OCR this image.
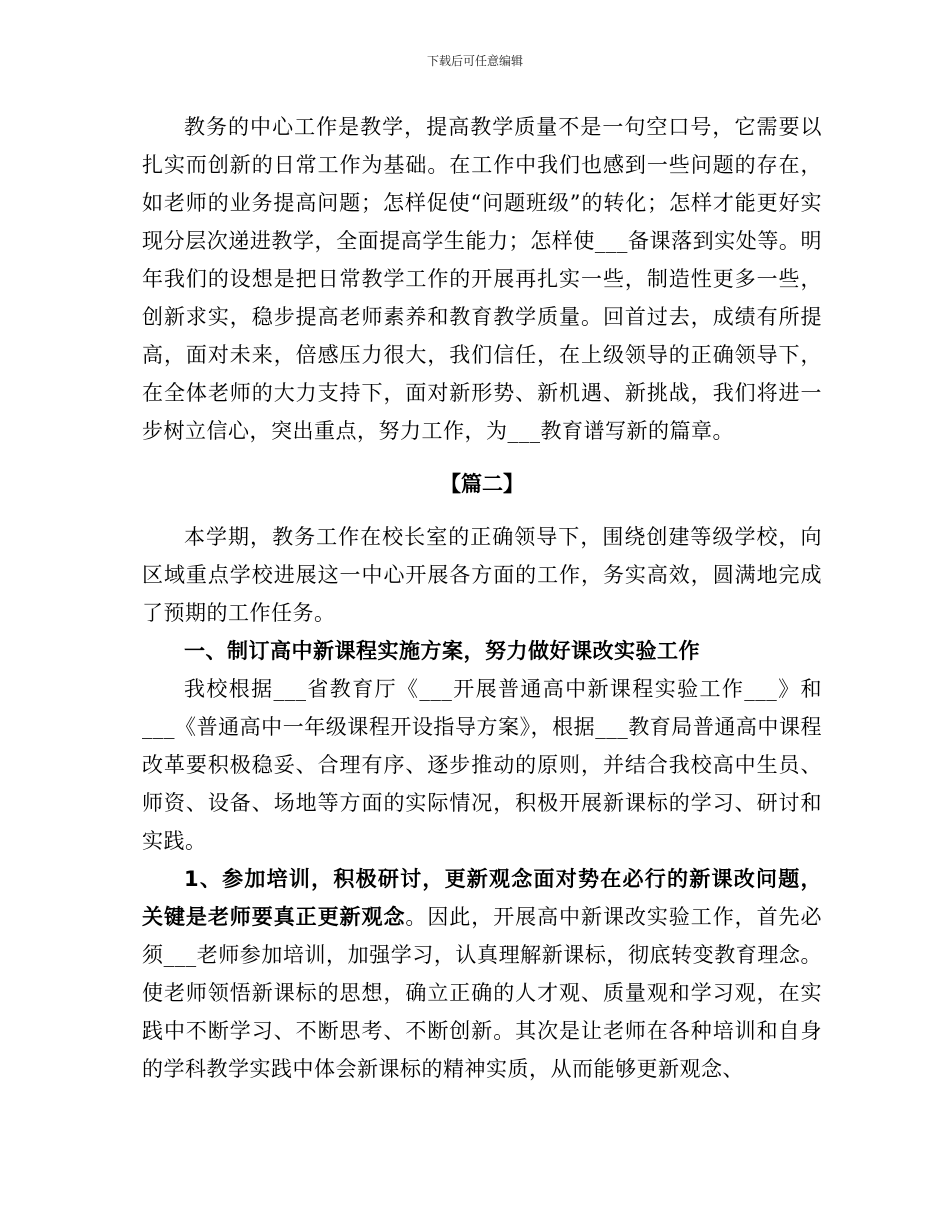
下载后可任意编辑

教务的中心工作是教学，提高教学质量不是一句空口号，它需要以扎实而创新的日常工作为基础。在工作中我们也感到一些问题的存在，如老师的业务提高问题；怎样促使“问题班级”的转化；怎样才能更好实现分层次递进教学，全面提高学生能力；怎样使___备课落到实处等。明年我们的设想是把日常教学工作的开展再扎实一些，制造性更多一些，创新求实，稳步提高老师素养和教育教学质量。回首过去，成绩有所提高，面对未来，倍感压力很大，我们信任，在上级领导的正确领导下，在全体老师的大力支持下，面对新形势、新机遇、新挑战，我们将进一步树立信心，突出重点，努力工作，为___教育谱写新的篇章。

【篇二】

本学期，教务工作在校长室的正确领导下，围绕创建等级学校，向区域重点学校进展这一中心开展各方面的工作，务实高效，圆满地完成了预期的工作任务。

一、制订高中新课程实施方案，努力做好课改实验工作

我校根据___省教育厅《___开展普通高中新课程实验工作___》和___《普通高中一年级课程开设指导方案》，根据___教育局普通高中课程改革要积极稳妥、合理有序、逐步推动的原则，并结合我校高中生员、师资、设备、场地等方面的实际情况，积极开展新课标的学习、研讨和实践。

1、参加培训，积极研讨，更新观念面对势在必行的新课改问题，关键是老师要真正更新观念。因此，开展高中新课改实验工作，首先必须___老师参加培训，加强学习，认真理解新课标，彻底转变教育理念。使老师领悟新课标的思想，确立正确的人才观、质量观和学习观，在实践中不断学习、不断思考、不断创新。其次是让老师在各种培训和自身的学科教学实践中体会新课标的精神实质，从而能够更新观念、
